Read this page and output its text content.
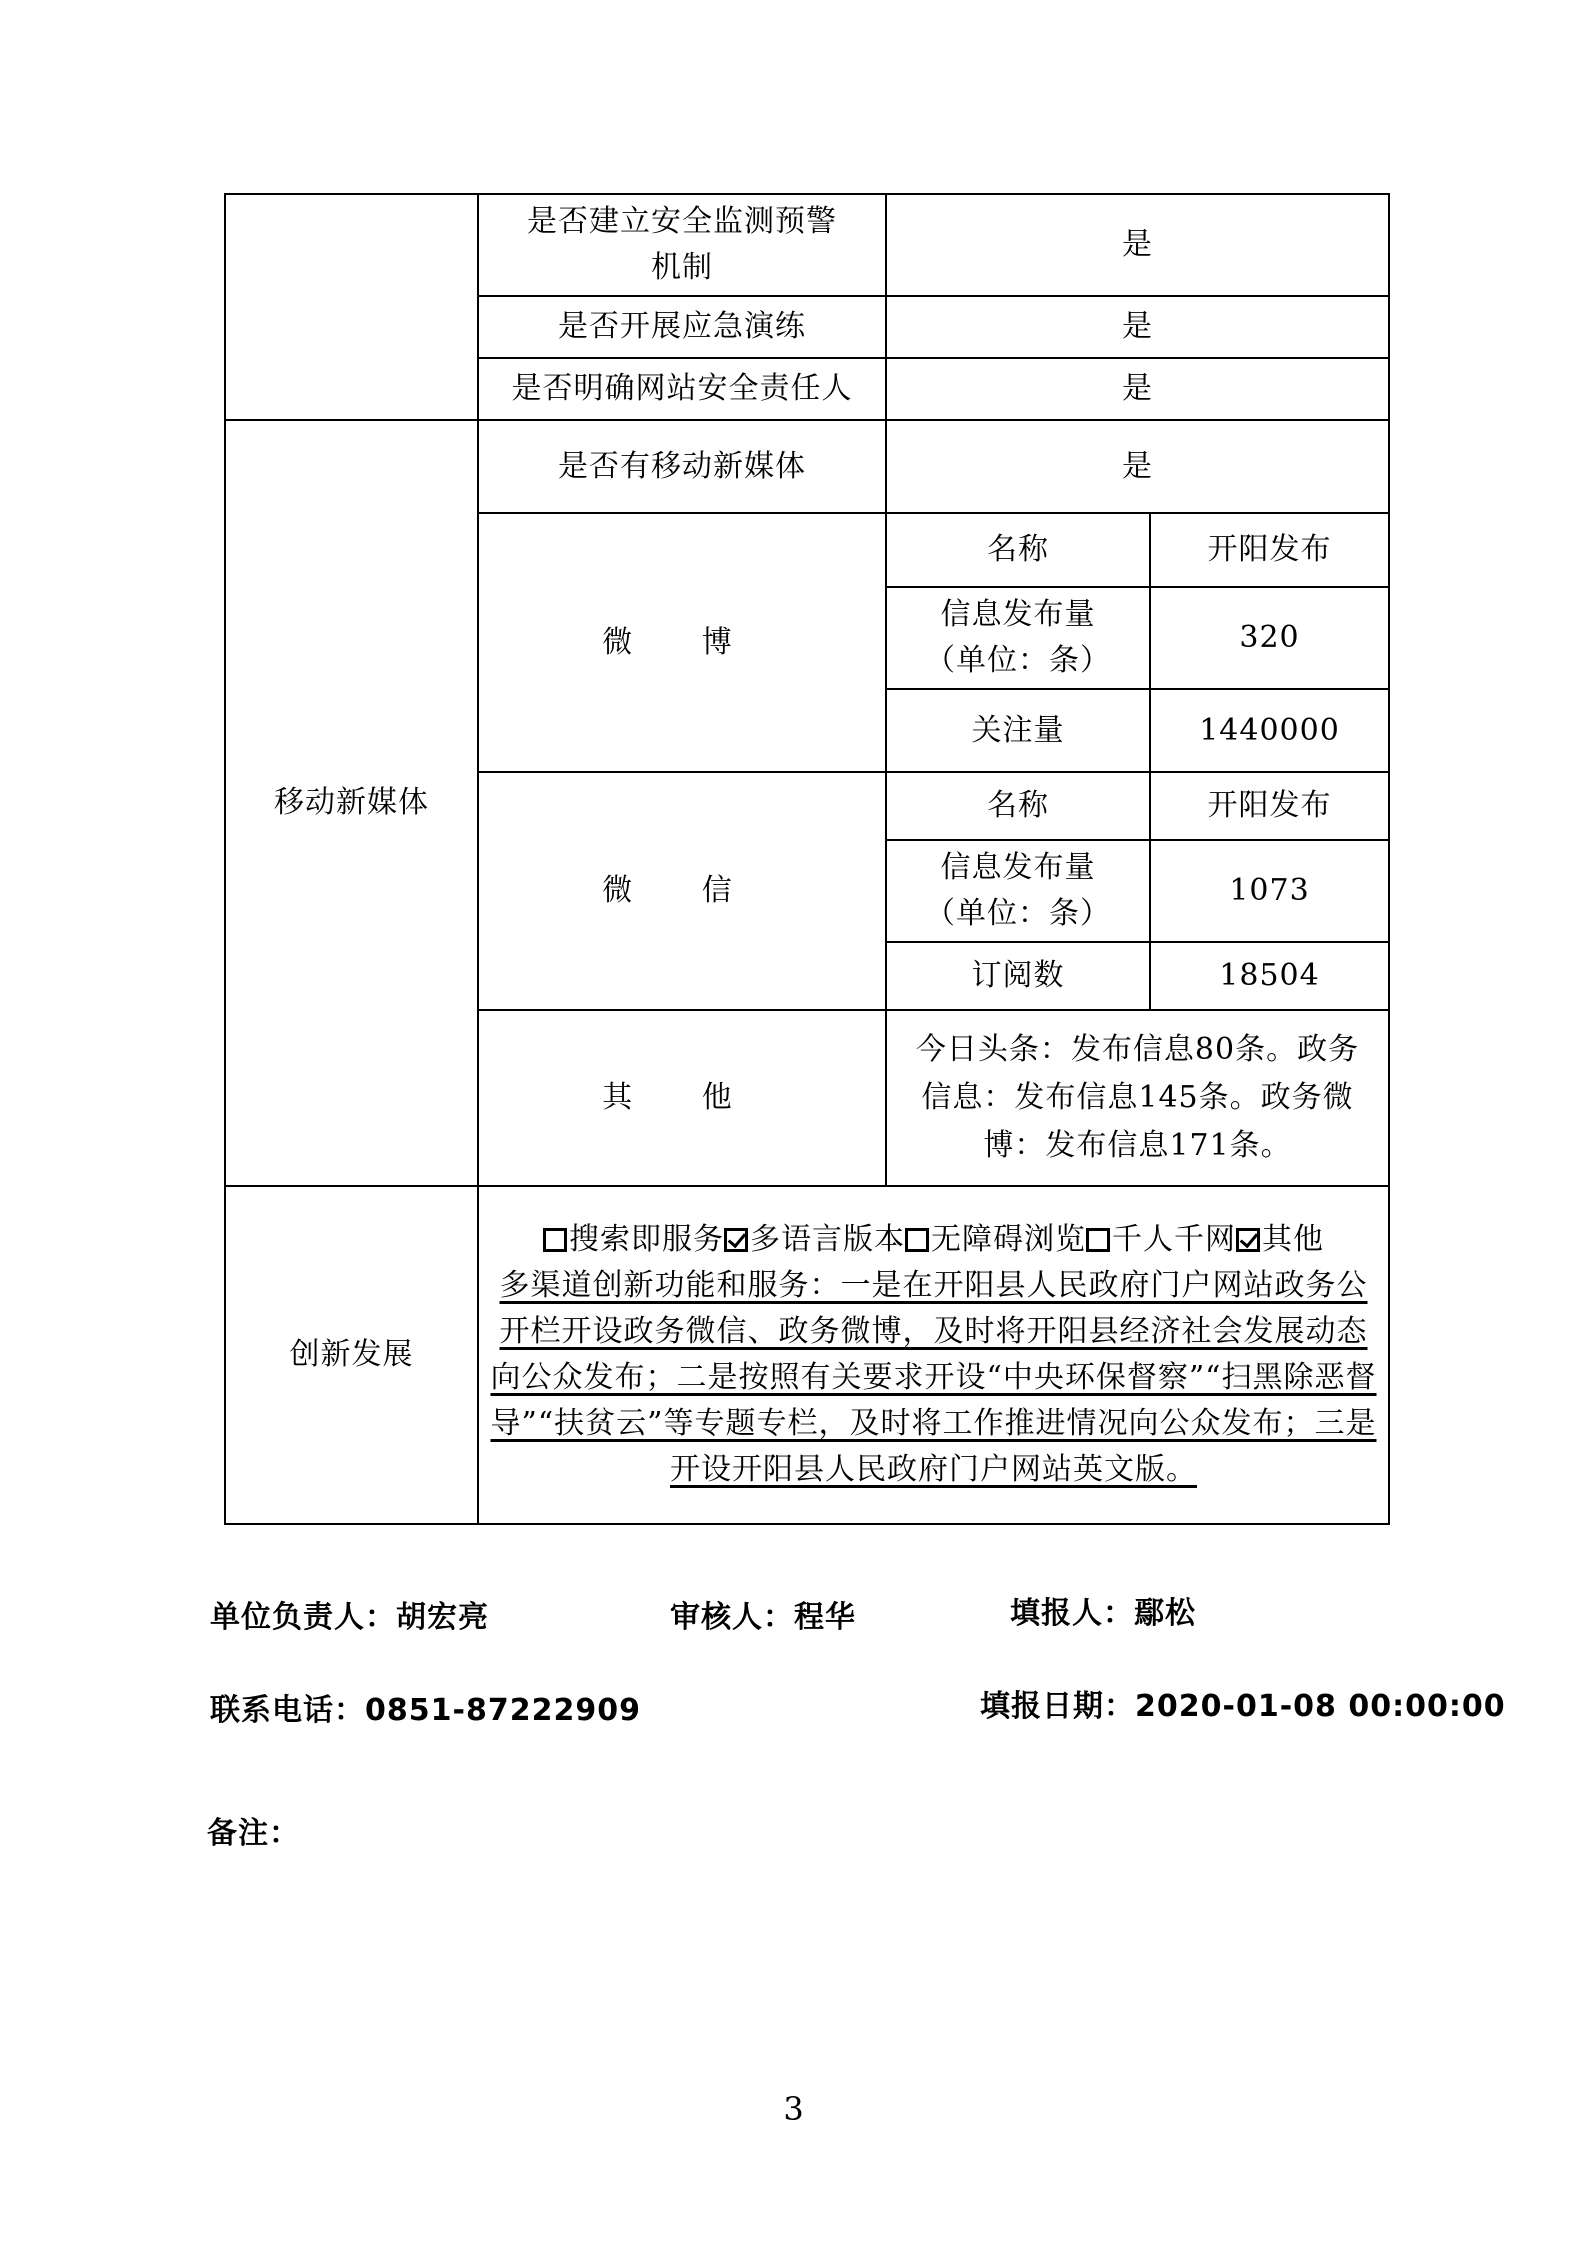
	是否建立安全监测预警机制	是	
	是否开展应急演练	是	
	是否明确网站安全责任人	是	
移动新媒体	是否有移动新媒体	是	
	微 博	名称	开阳发布
		信息发布量（单位：条）	320
		关注量	1440000
	微 信	名称	开阳发布
		信息发布量（单位：条）	1073
		订阅数	18504
	其 他	今日头条：发布信息80条。政务信息：发布信息145条。政务微博：发布信息171条。	
创新发展	搜索即服务 多语言版本 无障碍浏览 千人千网 其他
多渠道创新功能和服务：一是在开阳县人民政府门户网站政务公开栏开设政务微信、政务微博，及时将开阳县经济社会发展动态向公众发布；二是按照有关要求开设“中央环保督察”“扫黑除恶督导”“扶贫云”等专题专栏，及时将工作推进情况向公众发布；三是开设开阳县人民政府门户网站英文版。		
单位负责人：胡宏亮	审核人：程华	填报人：鄢松
联系电话：0851-87222909	填报日期：2020-01-08 00:00:00
备注：
3
